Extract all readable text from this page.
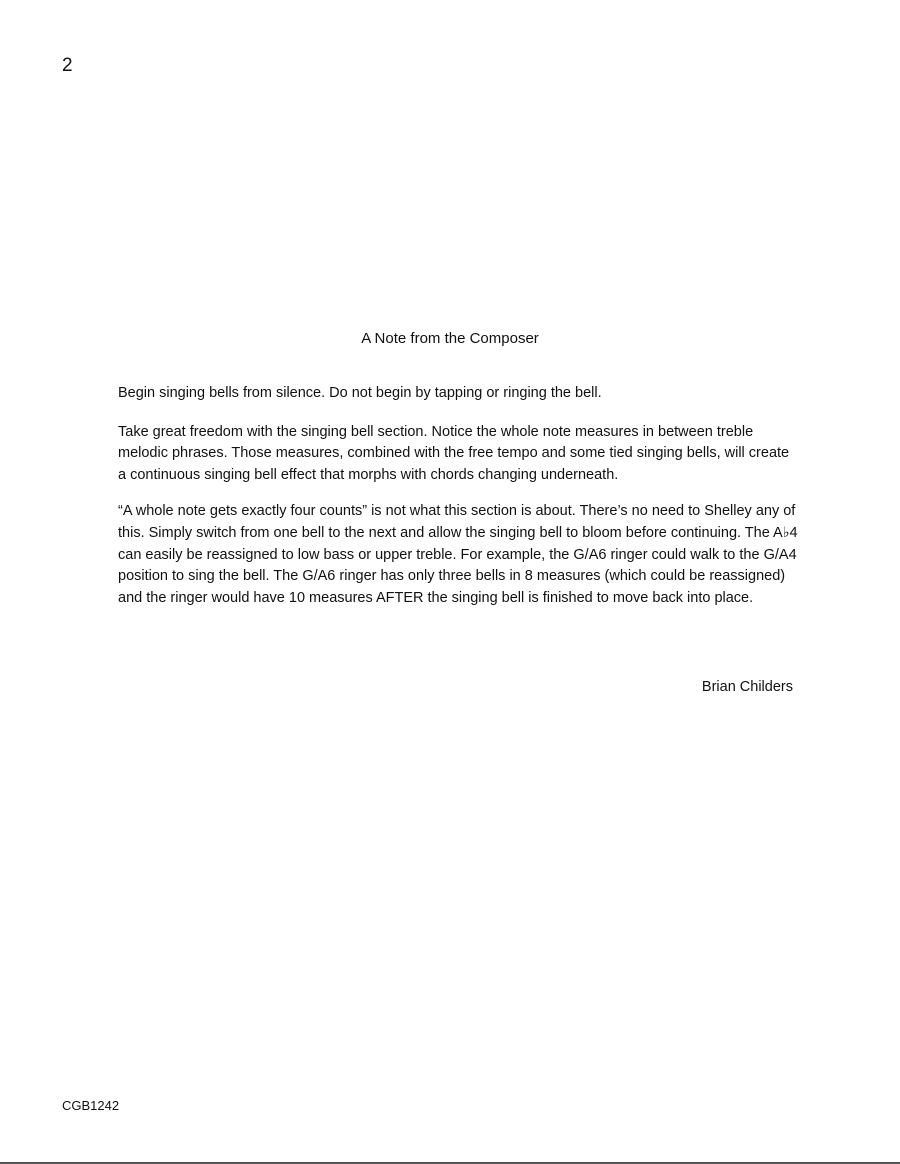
2
A Note from the Composer

Begin singing bells from silence. Do not begin by tapping or ringing the bell.

Take great freedom with the singing bell section. Notice the whole note measures in between treble melodic phrases. Those measures, combined with the free tempo and some tied singing bells, will create a continuous singing bell effect that morphs with chords changing underneath.

“A whole note gets exactly four counts” is not what this section is about. There’s no need to Shelley any of this. Simply switch from one bell to the next and allow the singing bell to bloom before continuing. The A♭4 can easily be reassigned to low bass or upper treble. For example, the G/A6 ringer could walk to the G/A4 position to sing the bell. The G/A6 ringer has only three bells in 8 measures (which could be reassigned) and the ringer would have 10 measures AFTER the singing bell is finished to move back into place.

Brian Childers
CGB1242
